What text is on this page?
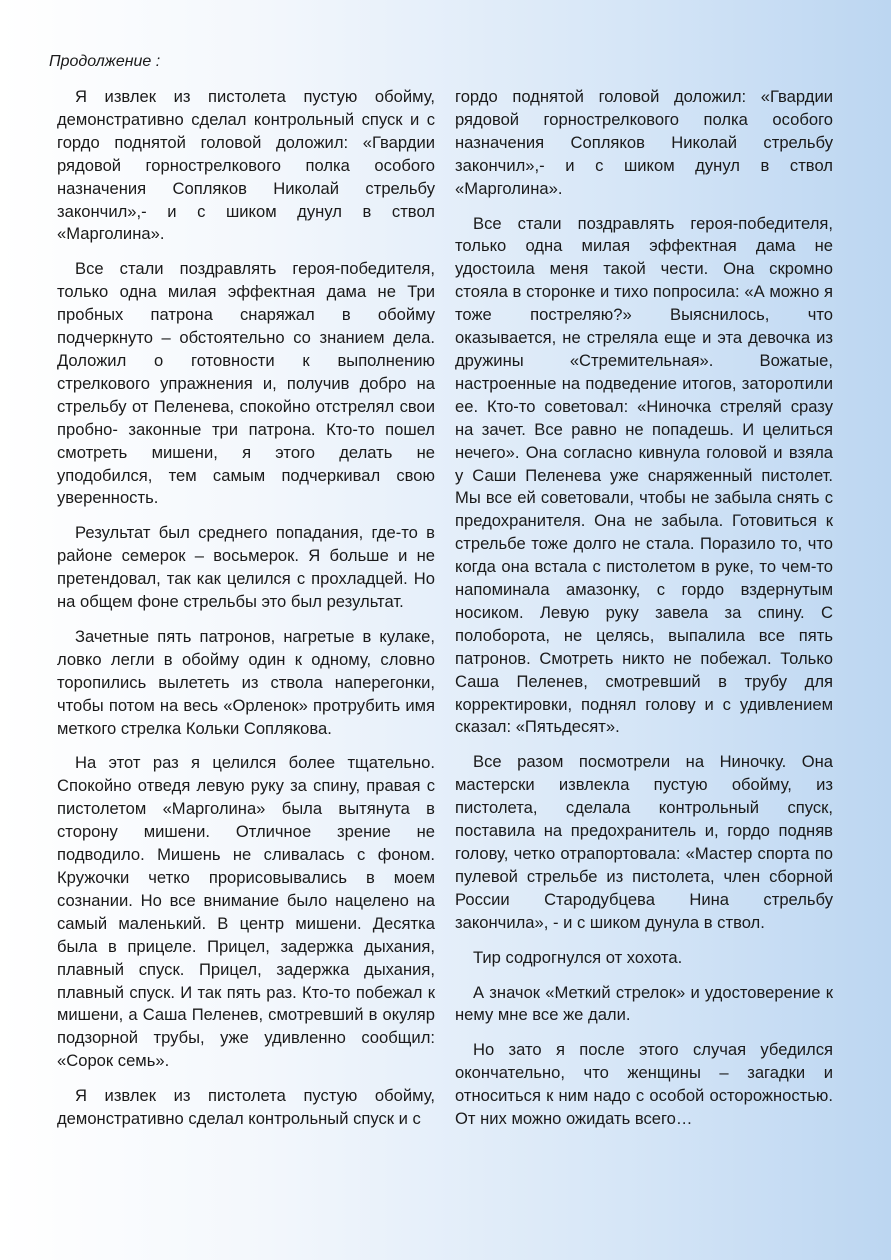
Продолжение :

Я извлек из пистолета пустую обойму, демонстративно сделал контрольный спуск и с гордо поднятой головой доложил: «Гвардии рядовой горнострелкового полка особого назначения Сопляков Николай стрельбу закончил»,- и с шиком дунул в ствол «Марголина».

Все стали поздравлять героя-победителя, только одна милая эффектная дама не Три пробных патрона снаряжал в обойму подчеркнуто – обстоятельно со знанием дела. Доложил о готовности к выполнению стрелкового упражнения и, получив добро на стрельбу от Пеленева, спокойно отстрелял свои пробно- законные три патрона. Кто-то пошел смотреть мишени, я этого делать не уподобился, тем самым подчеркивал свою уверенность.

Результат был среднего попадания, где-то в районе семерок – восьмерок. Я больше и не претендовал, так как целился с прохладцей. Но на общем фоне стрельбы это был результат.

Зачетные пять патронов, нагретые в кулаке, ловко легли в обойму один к одному, словно торопились вылететь из ствола наперегонки, чтобы потом на весь «Орленок» протрубить имя меткого стрелка Кольки Соплякова.

На этот раз я целился более тщательно. Спокойно отведя левую руку за спину, правая с пистолетом «Марголина» была вытянута в сторону мишени. Отличное зрение не подводило. Мишень не сливалась с фоном. Кружочки четко прорисовывались в моем сознании. Но все внимание было нацелено на самый маленький. В центр мишени. Десятка была в прицеле. Прицел, задержка дыхания, плавный спуск. Прицел, задержка дыхания, плавный спуск. И так пять раз. Кто-то побежал к мишени, а Саша Пеленев, смотревший в окуляр подзорной трубы, уже удивленно сообщил: «Сорок семь».

Я извлек из пистолета пустую обойму, демонстративно сделал контрольный спуск и с

гордо поднятой головой доложил: «Гвардии рядовой горнострелкового полка особого назначения Сопляков Николай стрельбу закончил»,- и с шиком дунул в ствол «Марголина».

Все стали поздравлять героя-победителя, только одна милая эффектная дама не удостоила меня такой чести. Она скромно стояла в сторонке и тихо попросила: «А можно я тоже постреляю?» Выяснилось, что оказывается, не стреляла еще и эта девочка из дружины «Стремительная». Вожатые, настроенные на подведение итогов, затороπили ее. Кто-то советовал: «Ниночка стреляй сразу на зачет. Все равно не попадешь. И целиться нечего». Она согласно кивнула головой и взяла у Саши Пеленева уже снаряженный пистолет. Мы все ей советовали, чтобы не забыла снять с предохранителя. Она не забыла. Готовиться к стрельбе тоже долго не стала. Поразило то, что когда она встала с пистолетом в руке, то чем-то напоминала амазонку, с гордо вздернутым носиком. Левую руку завела за спину. С полоборота, не целясь, выпалила все пять патронов. Смотреть никто не побежал. Только Саша Пеленев, смотревший в трубу для корректировки, поднял голову и с удивлением сказал: «Пятьдесят».

Все разом посмотрели на Ниночку. Она мастерски извлекла пустую обойму, из пистолета, сделала контрольный спуск, поставила на предохранитель и, гордо подняв голову, четко отрапортовала: «Мастер спорта по пулевой стрельбе из пистолета, член сборной России Стародубцева Нина стрельбу закончила», - и с шиком дунула в ствол.

Тир содрогнулся от хохота.

А значок «Меткий стрелок» и удостоверение к нему мне все же дали.

Но зато я после этого случая убедился окончательно, что женщины – загадки и относиться к ним надо с особой осторожностью. От них можно ожидать всего…
